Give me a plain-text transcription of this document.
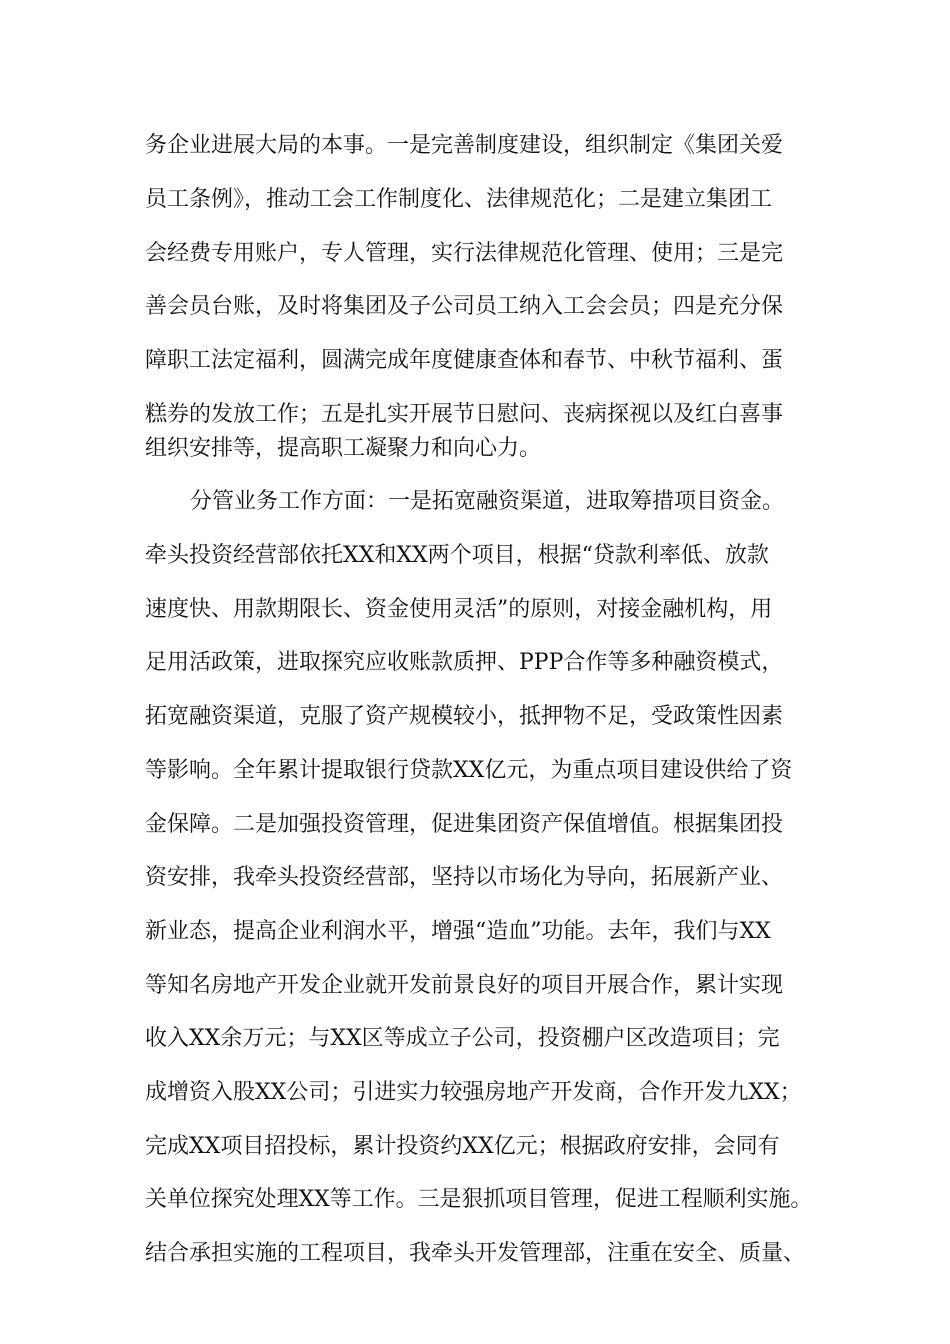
务企业进展大局的本事。一是完善制度建设，组织制定《集团关爱
员工条例》，推动工会工作制度化、法律规范化；二是建立集团工
会经费专用账户，专人管理，实行法律规范化管理、使用；三是完
善会员台账，及时将集团及子公司员工纳入工会会员；四是充分保
障职工法定福利，圆满完成年度健康查体和春节、中秋节福利、蛋
糕券的发放工作；五是扎实开展节日慰问、丧病探视以及红白喜事
组织安排等，提高职工凝聚力和向心力。
分管业务工作方面：一是拓宽融资渠道，进取筹措项目资金。
牵头投资经营部依托XX和XX两个项目，根据“贷款利率低、放款
速度快、用款期限长、资金使用灵活”的原则，对接金融机构，用
足用活政策，进取探究应收账款质押、PPP合作等多种融资模式，
拓宽融资渠道，克服了资产规模较小，抵押物不足，受政策性因素
等影响。全年累计提取银行贷款XX亿元，为重点项目建设供给了资
金保障。二是加强投资管理，促进集团资产保值增值。根据集团投
资安排，我牵头投资经营部，坚持以市场化为导向，拓展新产业、
新业态，提高企业利润水平，增强“造血”功能。去年，我们与XX
等知名房地产开发企业就开发前景良好的项目开展合作，累计实现
收入XX余万元；与XX区等成立子公司，投资棚户区改造项目；完
成增资入股XX公司；引进实力较强房地产开发商，合作开发九XX；
完成XX项目招投标，累计投资约XX亿元；根据政府安排，会同有
关单位探究处理XX等工作。三是狠抓项目管理，促进工程顺利实施。
结合承担实施的工程项目，我牵头开发管理部，注重在安全、质量、
